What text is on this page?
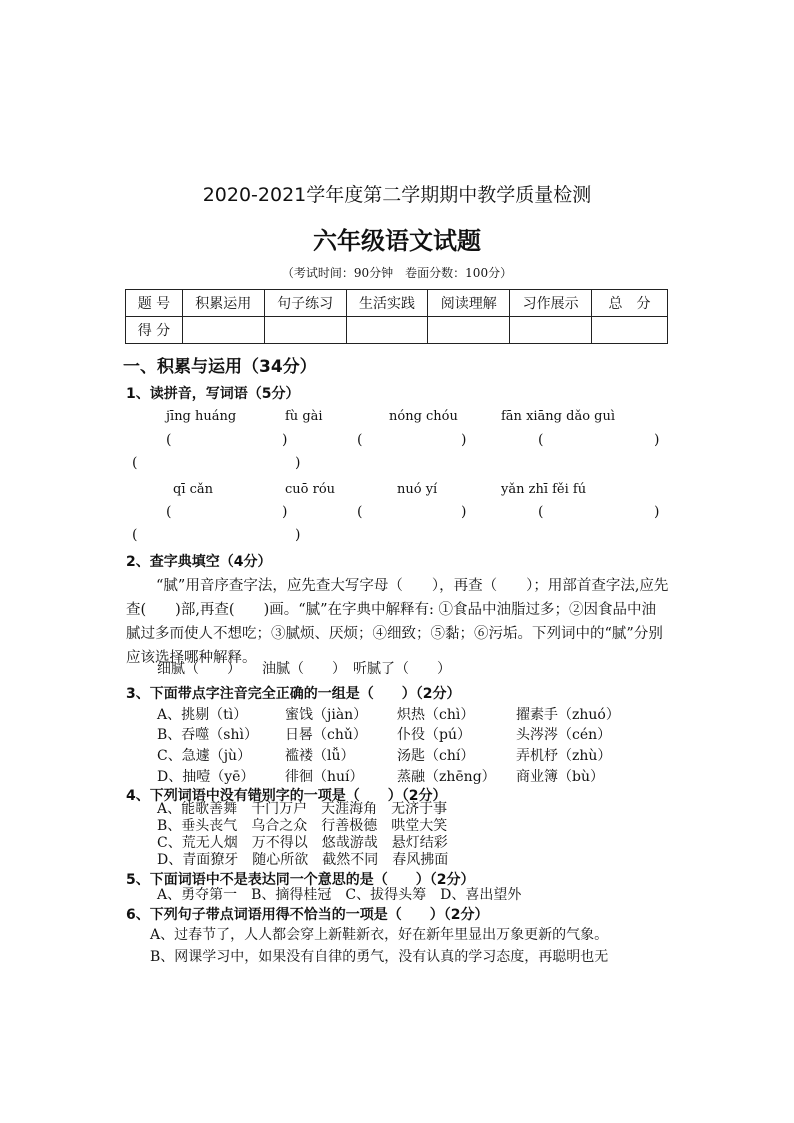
2020-2021学年度第二学期期中教学质量检测
六年级语文试题
（考试时间：90分钟　卷面分数：100分）
题 号	积累运用	句子练习	生活实践	阅读理解	习作展示	总　分
得 分						
一、积累与运用（34分）
1、读拼音，写词语（5分）
jīng huáng	fù gài	nóng chóu	fān xiāng dǎo guì
(	)	(	)	(	)
(	)
qī cǎn	cuō róu	nuó yí	yǎn zhī fěi fú
(	)	(	)	(	)
(	)
2、查字典填空（4分）
“腻”用音序查字法，应先查大写字母（　　），再查（　　）；用部首查字法,应先查(　　)部,再查(　　)画。“腻”在字典中解释有: ①食品中油脂过多；②因食品中油腻过多而使人不想吃；③腻烦、厌烦；④细致；⑤黏；⑥污垢。下列词中的“腻”分别应该选择哪种解释。
细腻（　　）　　油腻（　　）　听腻了（　　）
3、下面带点字注音完全正确的一组是（　　）（2分）
A、挑剔（tì）	蜜饯（jiàn） 炽热（chì）	擢素手（zhuó）
B、吞噬（shì） 日晷（chǔ） 仆役（pú）	头涔涔（cén）
C、急遽（jù） 褴褛（lǚ）	汤匙（chí）	弄机杼（zhù）
D、抽噎（yē） 徘徊（huí） 蒸融（zhēng） 商业簿（bù）
4、下列词语中没有错别字的一项是（　　）（2分）
A、能歌善舞　千门万户　天涯海角　无济于事
B、垂头丧气　乌合之众　行善极德　哄堂大笑
C、荒无人烟　万不得以　悠哉游哉　悬灯结彩
D、青面獠牙　随心所欲　截然不同　春风拂面
5、下面词语中不是表达同一个意思的是（　　）（2分）
A、勇夺第一　B、摘得桂冠　C、拔得头筹　D、喜出望外
6、下列句子带点词语用得不恰当的一项是（　　）（2分）
A、过春节了，人人都会穿上新鞋新衣，好在新年里显出万象更新的气象。
B、网课学习中，如果没有自律的勇气，没有认真的学习态度，再聪明也无
